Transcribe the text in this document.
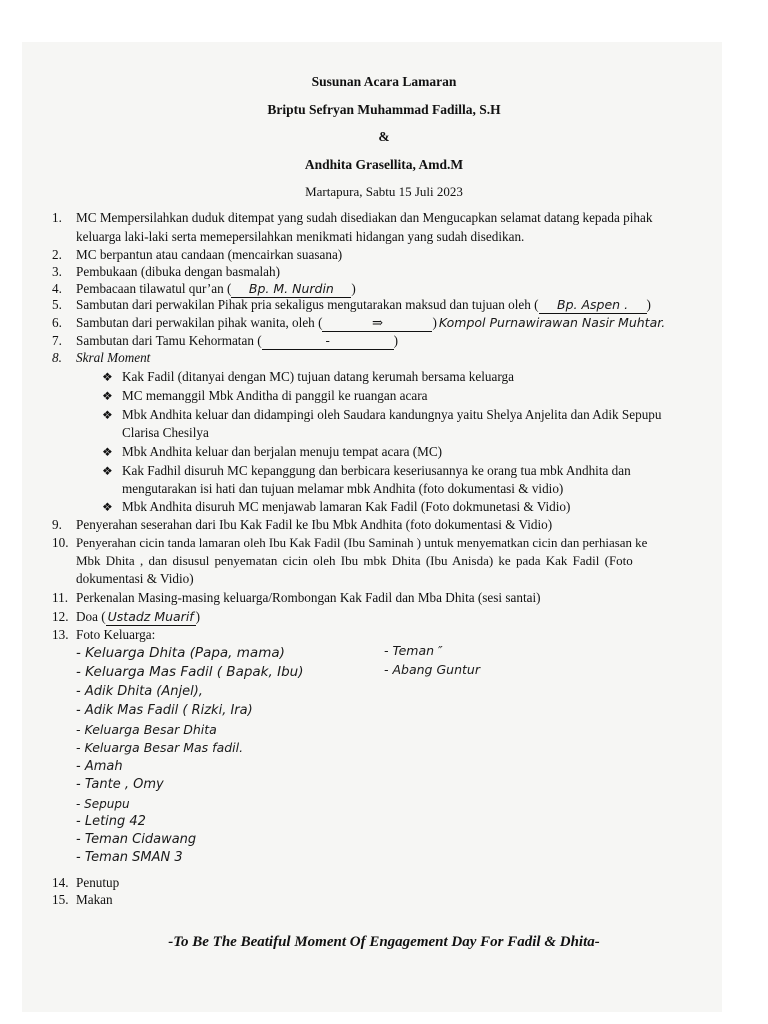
Susunan Acara Lamaran
Briptu Sefryan Muhammad Fadilla, S.H
&
Andhita Grasellita, Amd.M
Martapura, Sabtu 15 Juli 2023
1. MC Mempersilahkan duduk ditempat yang sudah disediakan dan Mengucapkan selamat datang kepada pihak
keluarga laki-laki serta memepersilahkan menikmati hidangan yang sudah disedikan.
2. MC berpantun atau candaan (mencairkan suasana)
3. Pembukaan (dibuka dengan basmalah)
4. Pembacaan tilawatul qur’an ( Bp. M. Nurdin )
5. Sambutan dari perwakilan Pihak pria sekaligus mengutarakan maksud dan tujuan oleh ( Bp. Aspen . )
6. Sambutan dari perwakilan pihak wanita, oleh (	⇒	) Kompol Purnawirawan Nasir Muhtar.
7. Sambutan dari Tamu Kehormatan (	-	)
8. Skral Moment
❖ Kak Fadil (ditanyai dengan MC) tujuan datang kerumah bersama keluarga
❖ MC memanggil Mbk Anditha di panggil ke ruangan acara
❖ Mbk Andhita keluar dan didampingi oleh Saudara kandungnya yaitu Shelya Anjelita dan Adik Sepupu
Clarisa Chesilya
❖ Mbk Andhita keluar dan berjalan menuju tempat acara (MC)
❖ Kak Fadhil disuruh MC kepanggung dan berbicara keseriusannya ke orang tua mbk Andhita dan
mengutarakan isi hati dan tujuan melamar mbk Andhita (foto dokumentasi & vidio)
❖ Mbk Andhita disuruh MC menjawab lamaran Kak Fadil (Foto dokmunetasi & Vidio)
9. Penyerahan seserahan dari Ibu Kak Fadil ke Ibu Mbk Andhita (foto dokumentasi & Vidio)
10. Penyerahan cicin tanda lamaran oleh Ibu Kak Fadil (Ibu Saminah ) untuk menyematkan cicin dan perhiasan ke
Mbk Dhita , dan disusul penyematan cicin oleh Ibu mbk Dhita (Ibu Anisda) ke pada Kak Fadil (Foto
dokumentasi & Vidio)
11. Perkenalan Masing-masing keluarga/Rombongan Kak Fadil dan Mba Dhita (sesi santai)
12. Doa ( Ustadz Muarif )
13. Foto Keluarga:
- Keluarga Dhita (Papa, mama)
- Keluarga Mas Fadil ( Bapak, Ibu)
- Adik Dhita (Anjel),
- Adik Mas Fadil ( Rizki, Ira)
- Keluarga Besar Dhita
- Keluarga Besar Mas fadil.
- Amah
- Tante , Omy
- Sepupu
- Leting 42
- Teman Cidawang
- Teman SMAN 3
- Teman ″
- Abang Guntur
14. Penutup
15. Makan
-To Be The Beatiful Moment Of Engagement Day For Fadil & Dhita-
